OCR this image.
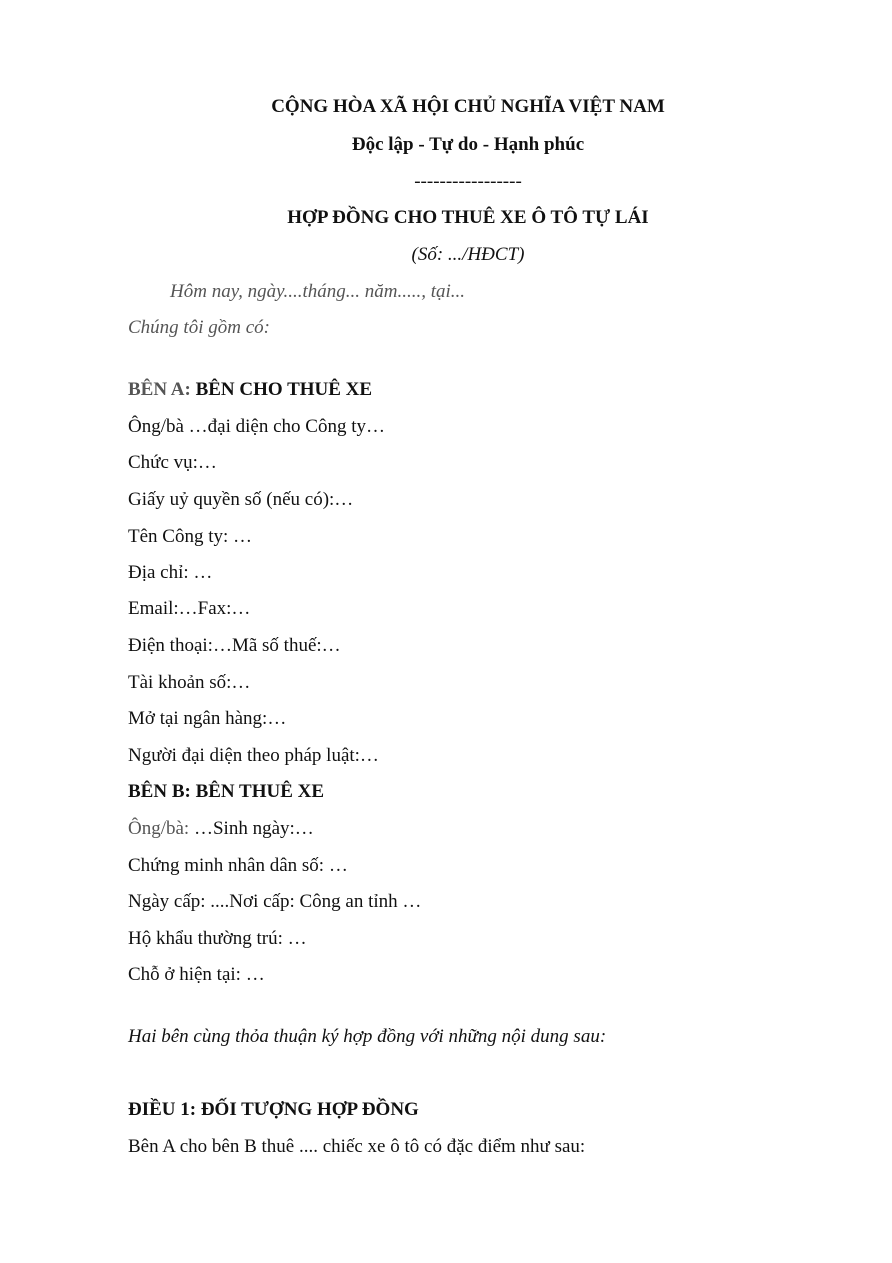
CỘNG HÒA XÃ HỘI CHỦ NGHĨA VIỆT NAM
Độc lập - Tự do - Hạnh phúc
-----------------
HỢP ĐỒNG CHO THUÊ XE Ô TÔ TỰ LÁI
(Số: .../HĐCT)
Hôm nay, ngày....tháng... năm....., tại...
Chúng tôi gồm có:
BÊN A: BÊN CHO THUÊ XE
Ông/bà …đại diện cho Công ty…
Chức vụ:…
Giấy uỷ quyền số (nếu có):…
Tên Công ty: …
Địa chỉ: …
Email:…Fax:…
Điện thoại:…Mã số thuế:…
Tài khoản số:…
Mở tại ngân hàng:…
Người đại diện theo pháp luật:…
BÊN B: BÊN THUÊ XE
Ông/bà: …Sinh ngày:…
Chứng minh nhân dân số: …
Ngày cấp: ....Nơi cấp: Công an tỉnh …
Hộ khẩu thường trú: …
Chỗ ở hiện tại: …
Hai bên cùng thỏa thuận ký hợp đồng với những nội dung sau:
ĐIỀU 1: ĐỐI TƯỢNG HỢP ĐỒNG
Bên A cho bên B thuê .... chiếc xe ô tô có đặc điểm như sau:
